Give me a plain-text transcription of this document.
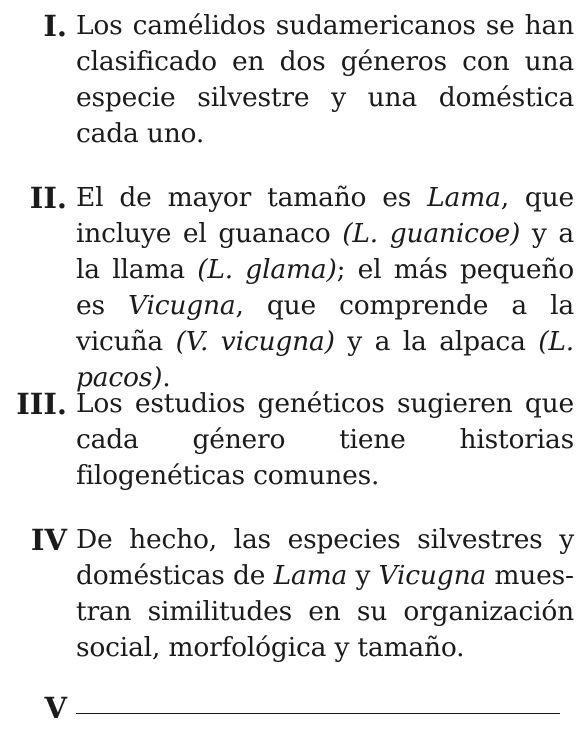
I. Los camélidos sudamericanos se han clasificado en dos géneros con una especie silvestre y una doméstica cada uno.
II. El de mayor tamaño es Lama, que incluye el guanaco (L. guanicoe) y a la llama (L. glama); el más pequeño es Vicugna, que comprende a la vicuña (V. vicugna) y a la alpaca (L. pacos).
III. Los estudios genéticos sugieren que cada género tiene historias filogenéticas comunes.
IV De hecho, las especies silvestres y domésticas de Lama y Vicugna muestran similitudes en su organización social, morfológica y tamaño.
V
